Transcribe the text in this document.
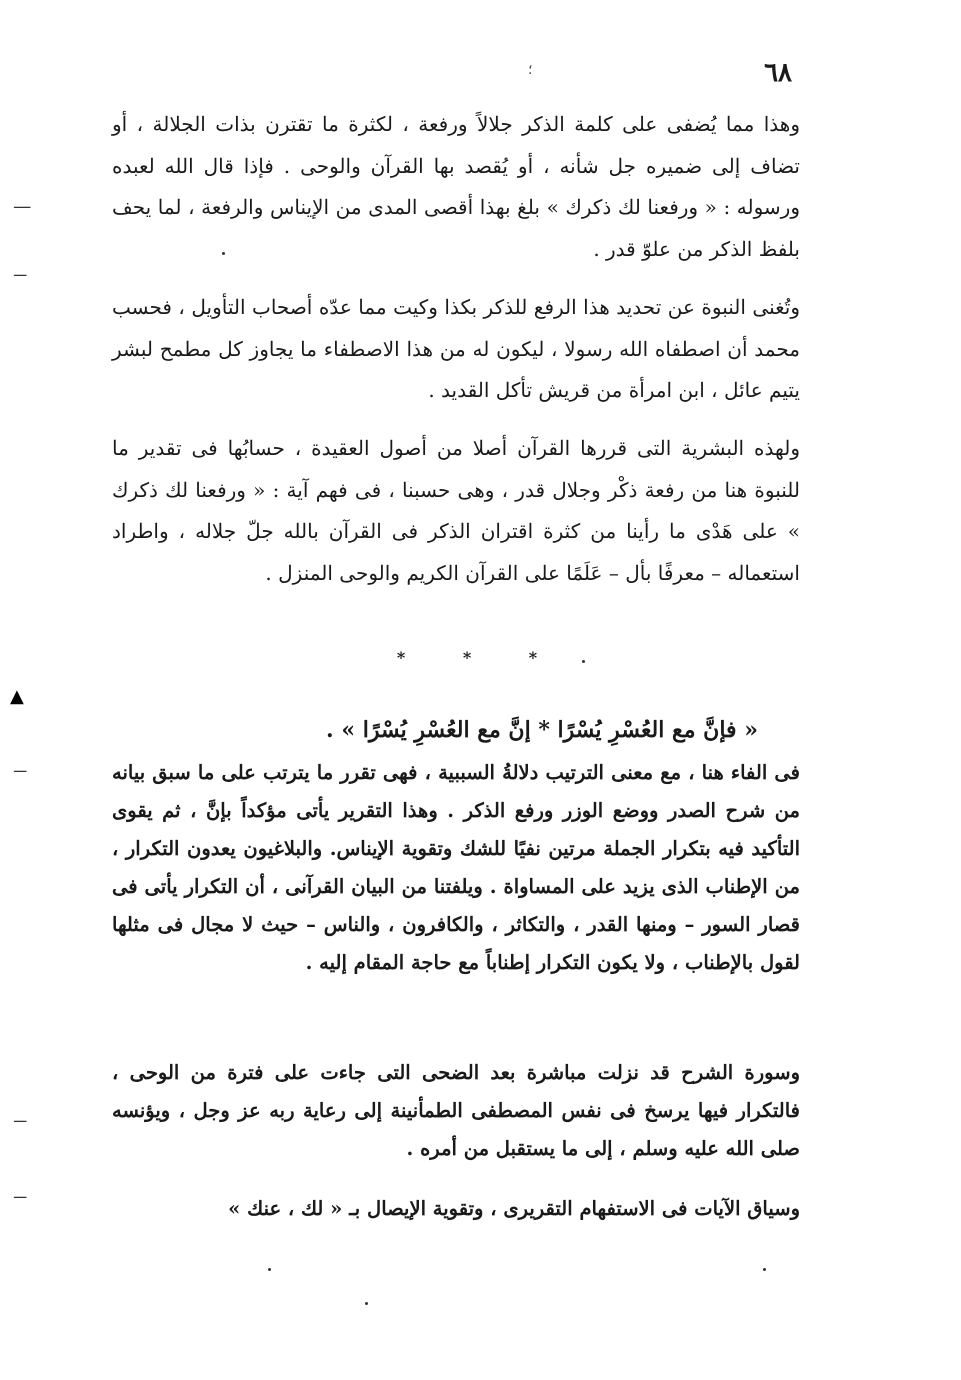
٦٨
؛
وهذا مما يُضفى على كلمة الذكر جلالاً ورفعة ، لكثرة ما تقترن بذات الجلالة ، أو تضاف إلى ضميره جل شأنه ، أو يُقصد بها القرآن والوحى . فإذا قال الله لعبده ورسوله : « ورفعنا لك ذكرك » بلغ بهذا أقصى المدى من الإيناس والرفعة ، لما يحف بلفظ الذكر من علوّ قدر .
وتُغنى النبوة عن تحديد هذا الرفع للذكر بكذا وكيت مما عدّه أصحاب التأويل ، فحسب محمد أن اصطفاه الله رسولا ، ليكون له من هذا الاصطفاء ما يجاوز كل مطمح لبشر يتيم عائل ، ابن امرأة من قريش تأكل القديد .
ولهذه البشرية التى قررها القرآن أصلا من أصول العقيدة ، حسابُها فى تقدير ما للنبوة هنا من رفعة ذكْر وجلال قدر ، وهى حسبنا ، فى فهم آية : « ورفعنا لك ذكرك » على هَدْى ما رأينا من كثرة اقتران الذكر فى القرآن بالله جلّ جلاله ، واطراد استعماله – معرفًا بأل – عَلَمًا على القرآن الكريم والوحى المنزل .
* * *
« فإنَّ مع العُسْرِ يُسْرًا * إنَّ مع العُسْرِ يُسْرًا » .
فى الفاء هنا ، مع معنى الترتيب دلالةُ السببية ، فهى تقرر ما يترتب على ما سبق بيانه من شرح الصدر ووضع الوزر ورفع الذكر . وهذا التقرير يأتى مؤكداً بإنَّ ، ثم يقوى التأكيد فيه بتكرار الجملة مرتين نفيًا للشك وتقوية الإيناس. والبلاغيون يعدون التكرار ، من الإطناب الذى يزيد على المساواة . ويلفتنا من البيان القرآنى ، أن التكرار يأتى فى قصار السور – ومنها القدر ، والتكاثر ، والكافرون ، والناس – حيث لا مجال فى مثلها لقول بالإطناب ، ولا يكون التكرار إطناباً مع حاجة المقام إليه .
وسورة الشرح قد نزلت مباشرة بعد الضحى التى جاءت على فترة من الوحى ، فالتكرار فيها يرسخ فى نفس المصطفى الطمأنينة إلى رعاية ربه عز وجل ، ويؤنسه صلى الله عليه وسلم ، إلى ما يستقبل من أمره .
وسياق الآيات فى الاستفهام التقريرى ، وتقوية الإيصال بـ « لك ، عنك »
ــــ
ـــ
▲
ـــ
ـــ
ـــ
